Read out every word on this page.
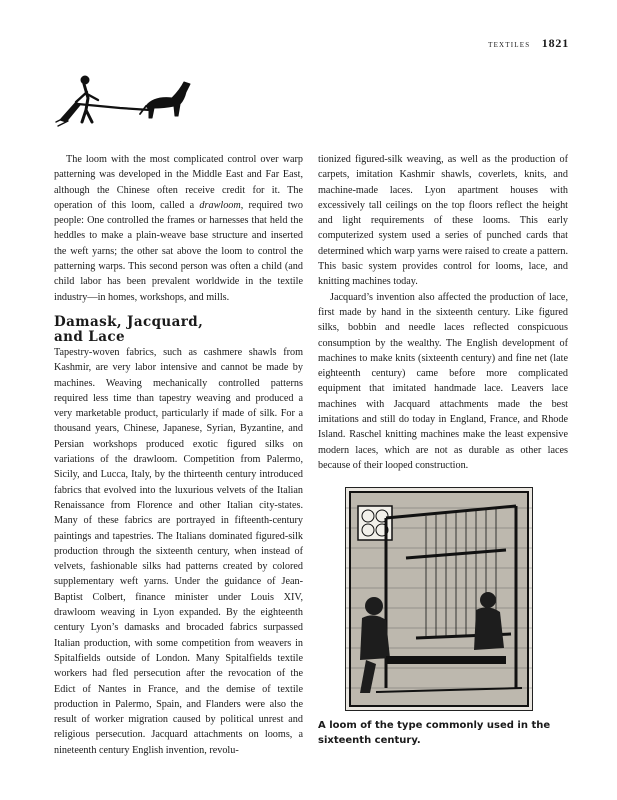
textiles 1821

The loom with the most complicated control over warp patterning was developed in the Middle East and Far East, although the Chinese often receive credit for it. The operation of this loom, called a drawloom, required two people: One controlled the frames or harnesses that held the heddles to make a plain-weave base structure and inserted the weft yarns; the other sat above the loom to control the patterning warps. This second person was often a child (and child labor has been prevalent worldwide in the textile industry—in homes, workshops, and mills.

Damask, Jacquard,
and Lace

Tapestry-woven fabrics, such as cashmere shawls from Kashmir, are very labor intensive and cannot be made by machines. Weaving mechanically controlled patterns required less time than tapestry weaving and produced a very marketable product, particularly if made of silk. For a thousand years, Chinese, Japanese, Syrian, Byzantine, and Persian workshops produced exotic figured silks on variations of the drawloom. Competition from Palermo, Sicily, and Lucca, Italy, by the thirteenth century introduced fabrics that evolved into the luxurious velvets of the Italian Renaissance from Florence and other Italian city-states. Many of these fabrics are portrayed in fifteenth-century paintings and tapestries. The Italians dominated figured-silk production through the sixteenth century, when instead of velvets, fashionable silks had patterns created by colored supplementary weft yarns. Under the guidance of Jean-Baptist Colbert, finance minister under Louis XIV, drawloom weaving in Lyon expanded. By the eighteenth century Lyon’s damasks and brocaded fabrics surpassed Italian production, with some competition from weavers in Spitalfields outside of London. Many Spitalfields textile workers had fled persecution after the revocation of the Edict of Nantes in France, and the demise of textile production in Palermo, Spain, and Flanders were also the result of worker migration caused by political unrest and religious persecution. Jacquard attachments on looms, a nineteenth century English invention, revolu-

tionized figured-silk weaving, as well as the production of carpets, imitation Kashmir shawls, coverlets, knits, and machine-made laces. Lyon apartment houses with excessively tall ceilings on the top floors reflect the height and light requirements of these looms. This early computerized system used a series of punched cards that determined which warp yarns were raised to create a pattern. This basic system provides control for looms, lace, and knitting machines today.

Jacquard’s invention also affected the production of lace, first made by hand in the sixteenth century. Like figured silks, bobbin and needle laces reflected conspicuous consumption by the wealthy. The English development of machines to make knits (sixteenth century) and fine net (late eighteenth century) came before more complicated equipment that imitated handmade lace. Leavers lace machines with Jacquard attachments made the best imitations and still do today in England, France, and Rhode Island. Raschel knitting machines make the least expensive modern laces, which are not as durable as other laces because of their looped construction.

A loom of the type commonly used in the sixteenth century.
